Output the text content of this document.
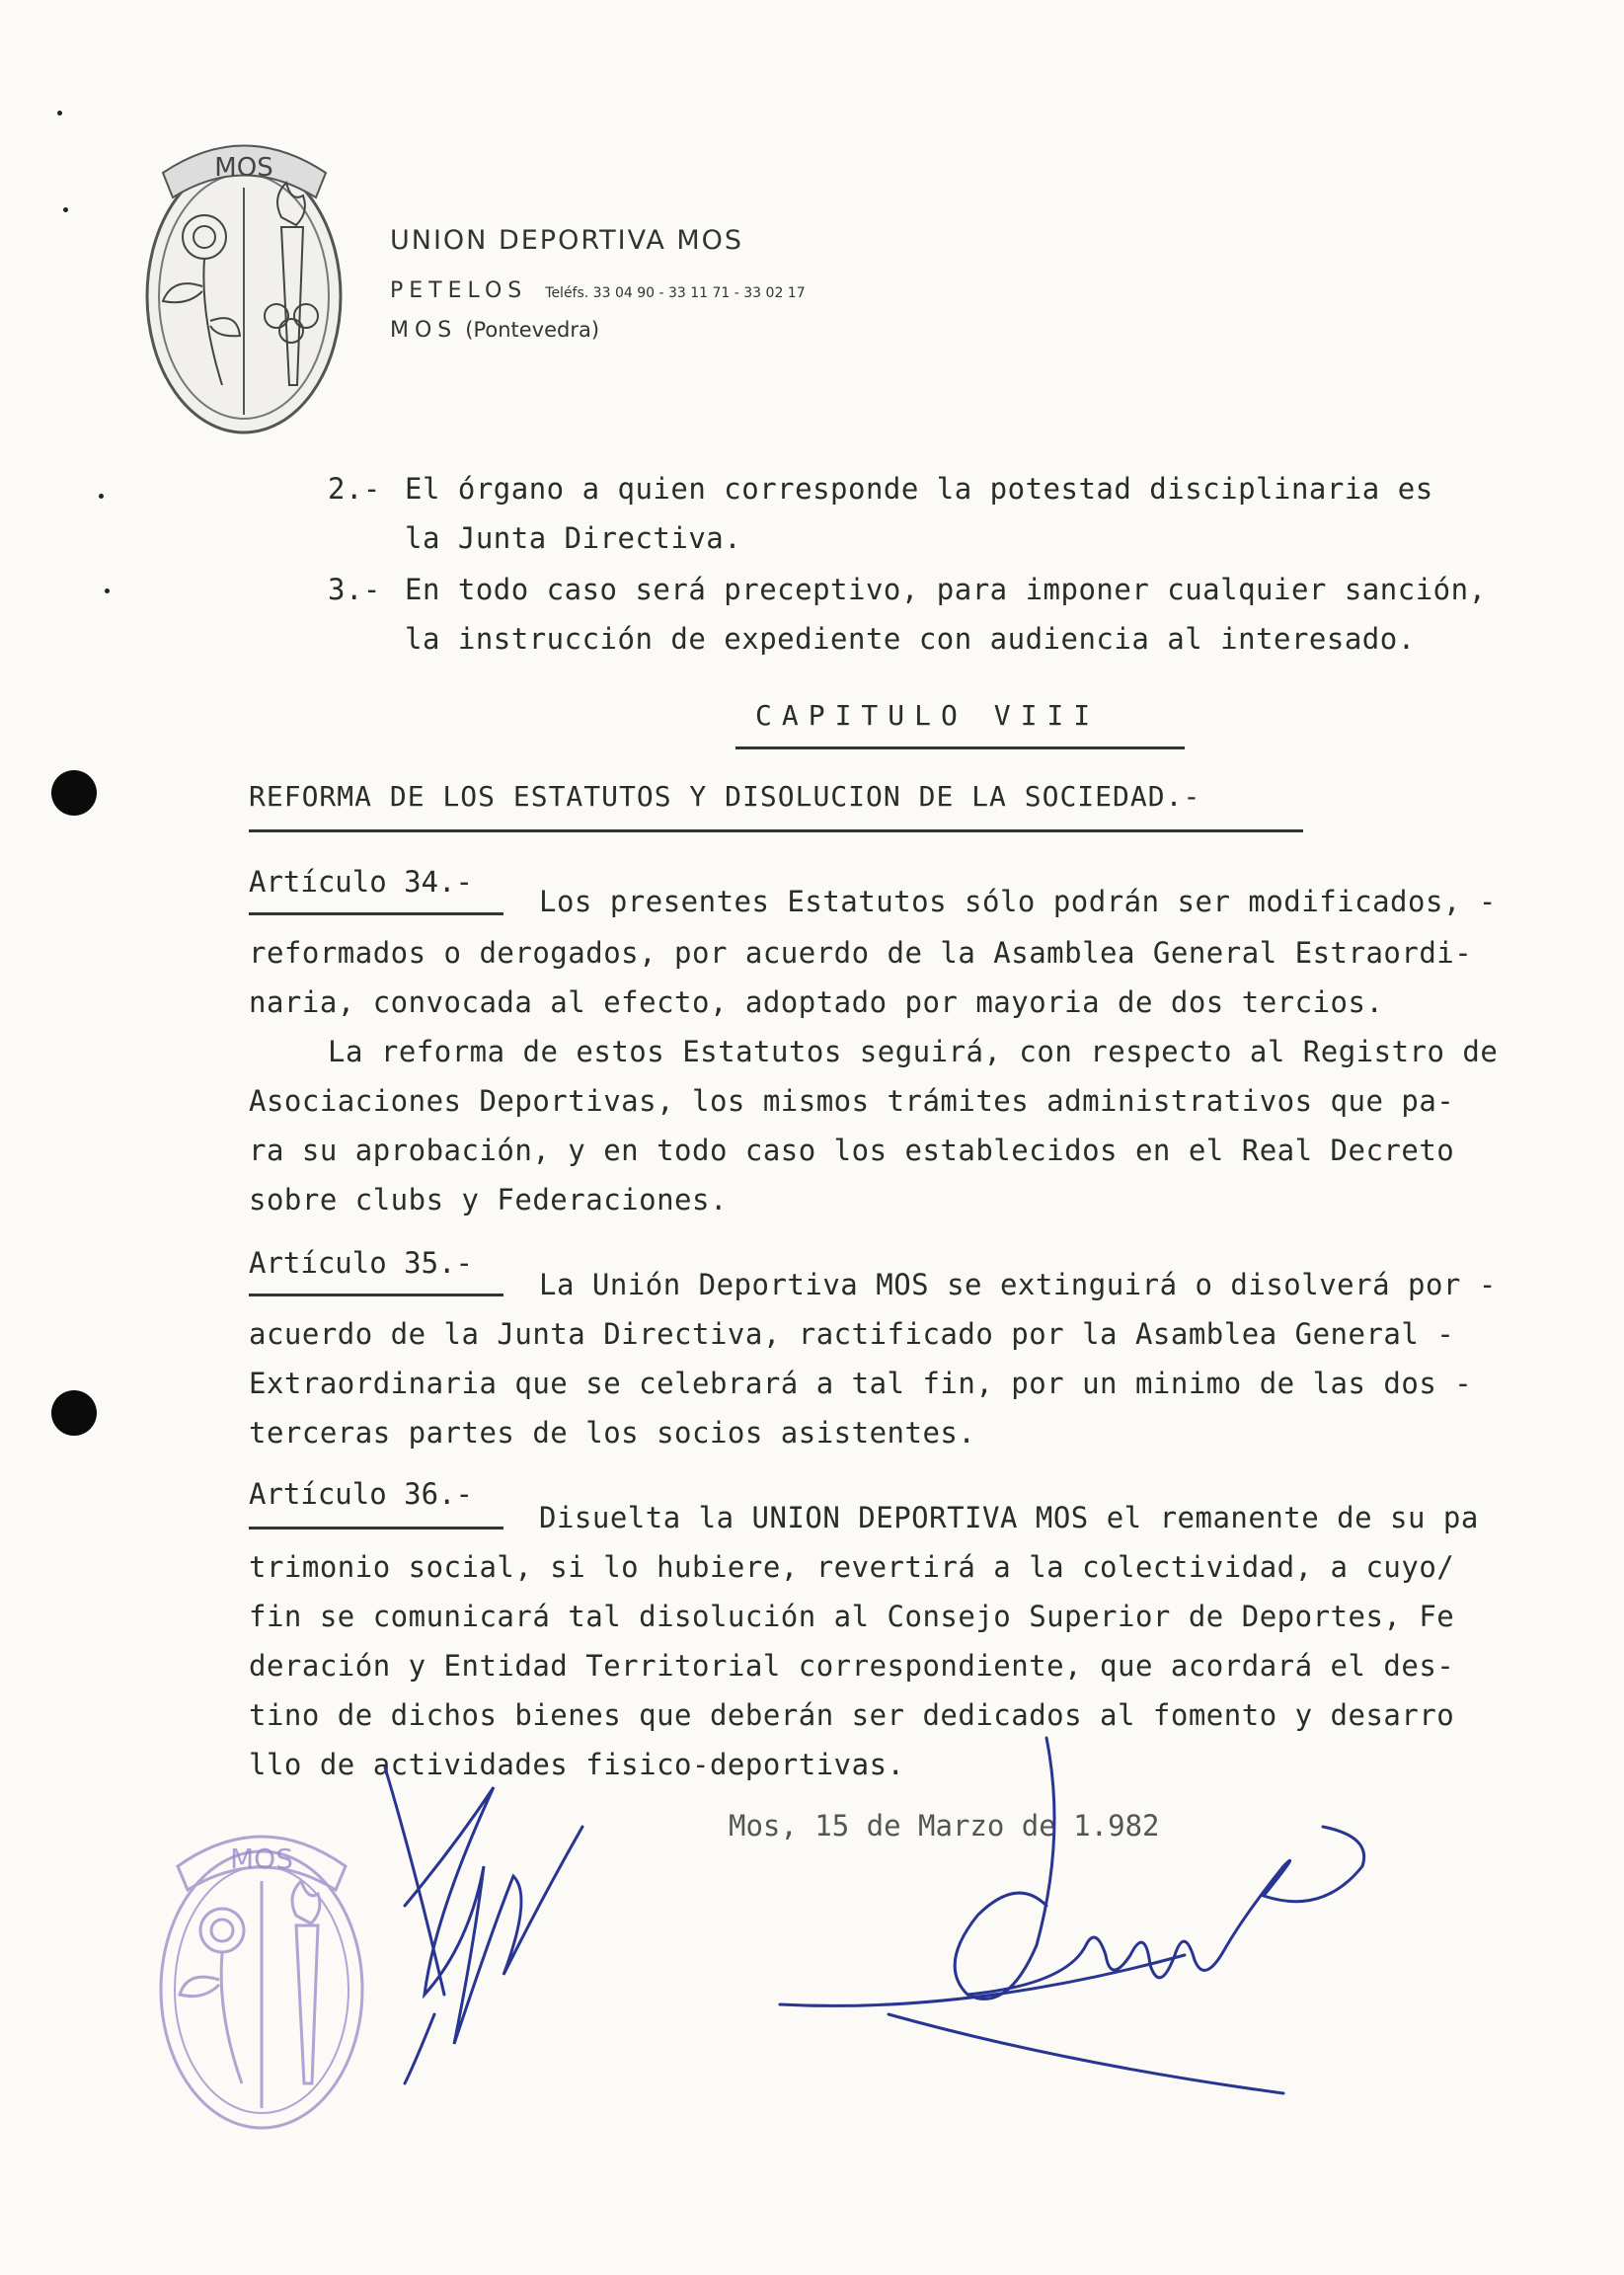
MOS
UNION DEPORTIVA MOS
PETELOS Teléfs. 33 04 90 - 33 11 71 - 33 02 17
MOS (Pontevedra)
2.- El órgano a quien corresponde la potestad disciplinaria es
la Junta Directiva.
3.- En todo caso será preceptivo, para imponer cualquier sanción,
la instrucción de expediente con audiencia al interesado.
CAPITULO VIII
REFORMA DE LOS ESTATUTOS Y DISOLUCION DE LA SOCIEDAD.-
Artículo 34.-
Los presentes Estatutos sólo podrán ser modificados, -
reformados o derogados, por acuerdo de la Asamblea General Estraordi-
naria, convocada al efecto, adoptado por mayoria de dos tercios.
La reforma de estos Estatutos seguirá, con respecto al Registro de
Asociaciones Deportivas, los mismos trámites administrativos que pa-
ra su aprobación, y en todo caso los establecidos en el Real Decreto
sobre clubs y Federaciones.
Artículo 35.-
La Unión Deportiva MOS se extinguirá o disolverá por -
acuerdo de la Junta Directiva, ractificado por la Asamblea General -
Extraordinaria que se celebrará a tal fin, por un minimo de las dos -
terceras partes de los socios asistentes.
Artículo 36.-
Disuelta la UNION DEPORTIVA MOS el remanente de su pa
trimonio social, si lo hubiere, revertirá a la colectividad, a cuyo/
fin se comunicará tal disolución al Consejo Superior de Deportes, Fe
deración y Entidad Territorial correspondiente, que acordará el des-
tino de dichos bienes que deberán ser dedicados al fomento y desarro
llo de actividades fisico-deportivas.
Mos, 15 de Marzo de 1.982
MOS
